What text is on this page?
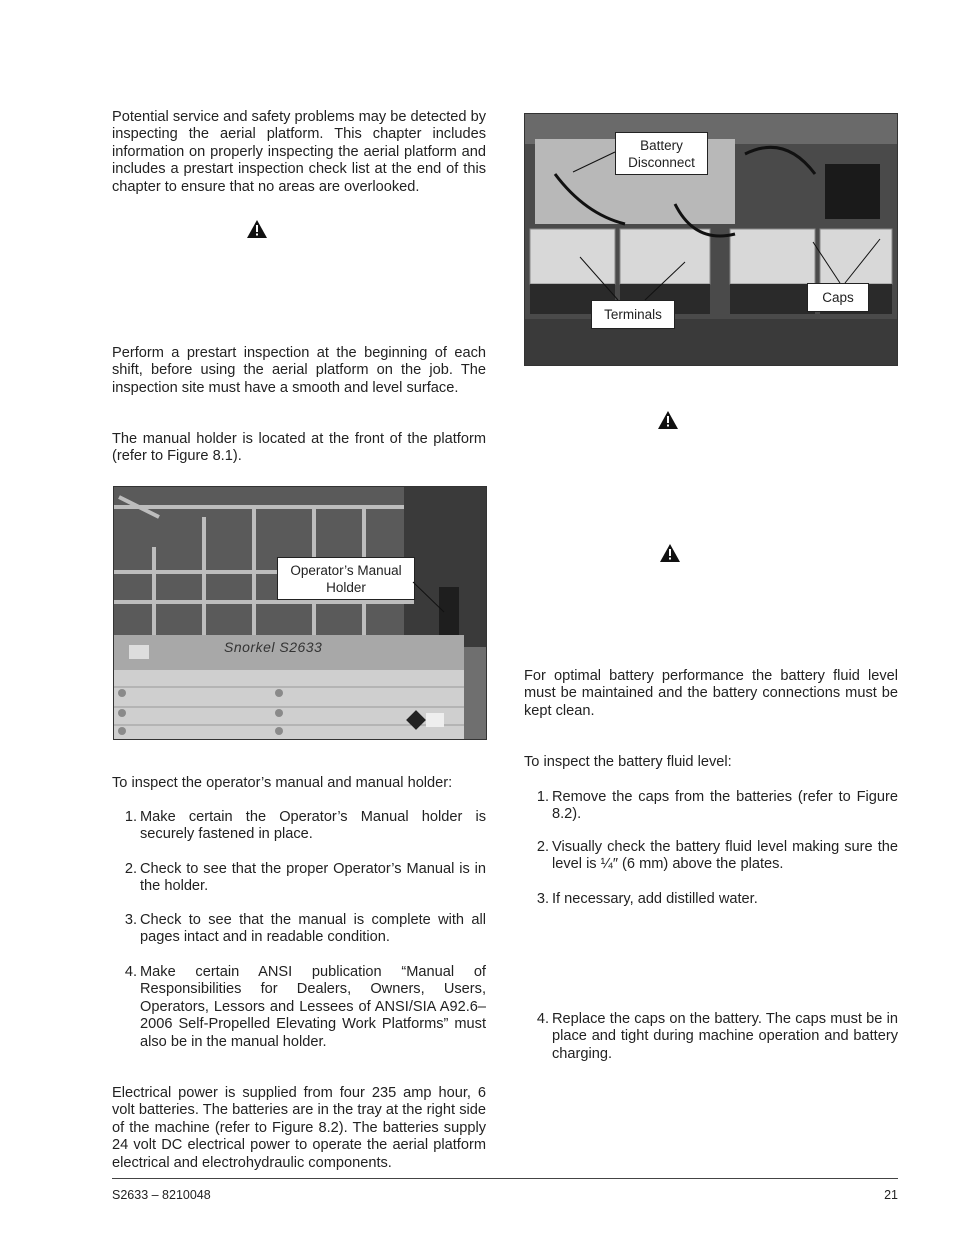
Potential service and safety problems may be detected by inspecting the aerial platform. This chapter includes information on properly inspecting the aerial platform and includes a prestart inspection check list at the end of this chapter to ensure that no areas are overlooked.

Perform a prestart inspection at the beginning of each shift, before using the aerial platform on the job. The inspection site must have a smooth and level surface.

The manual holder is located at the front of the platform (refer to Figure 8.1).

Snorkel S2633
Operator’s Manual Holder

To inspect the operator’s manual and manual holder:

1. Make certain the Operator’s Manual holder is securely fastened in place.
2. Check to see that the proper Operator’s Manual is in the holder.
3. Check to see that the manual is complete with all pages intact and in readable condition.
4. Make certain ANSI publication “Manual of Responsibilities for Dealers, Owners, Users, Operators, Lessors and Lessees of ANSI/SIA A92.6–2006 Self-Propelled Elevating Work Platforms” must also be in the manual holder.

Electrical power is supplied from four 235 amp hour, 6 volt batteries. The batteries are in the tray at the right side of the machine (refer to Figure 8.2). The batteries supply 24 volt DC electrical power to operate the aerial platform electrical and electrohydraulic components.

Battery Disconnect
Terminals
Caps

For optimal battery performance the battery fluid level must be maintained and the battery connections must be kept clean.

To inspect the battery fluid level:

1. Remove the caps from the batteries (refer to Figure 8.2).
2. Visually check the battery fluid level making sure the level is ¼″ (6 mm) above the plates.
3. If necessary, add distilled water.
4. Replace the caps on the battery. The caps must be in place and tight during machine operation and battery charging.
S2633 – 8210048	21
